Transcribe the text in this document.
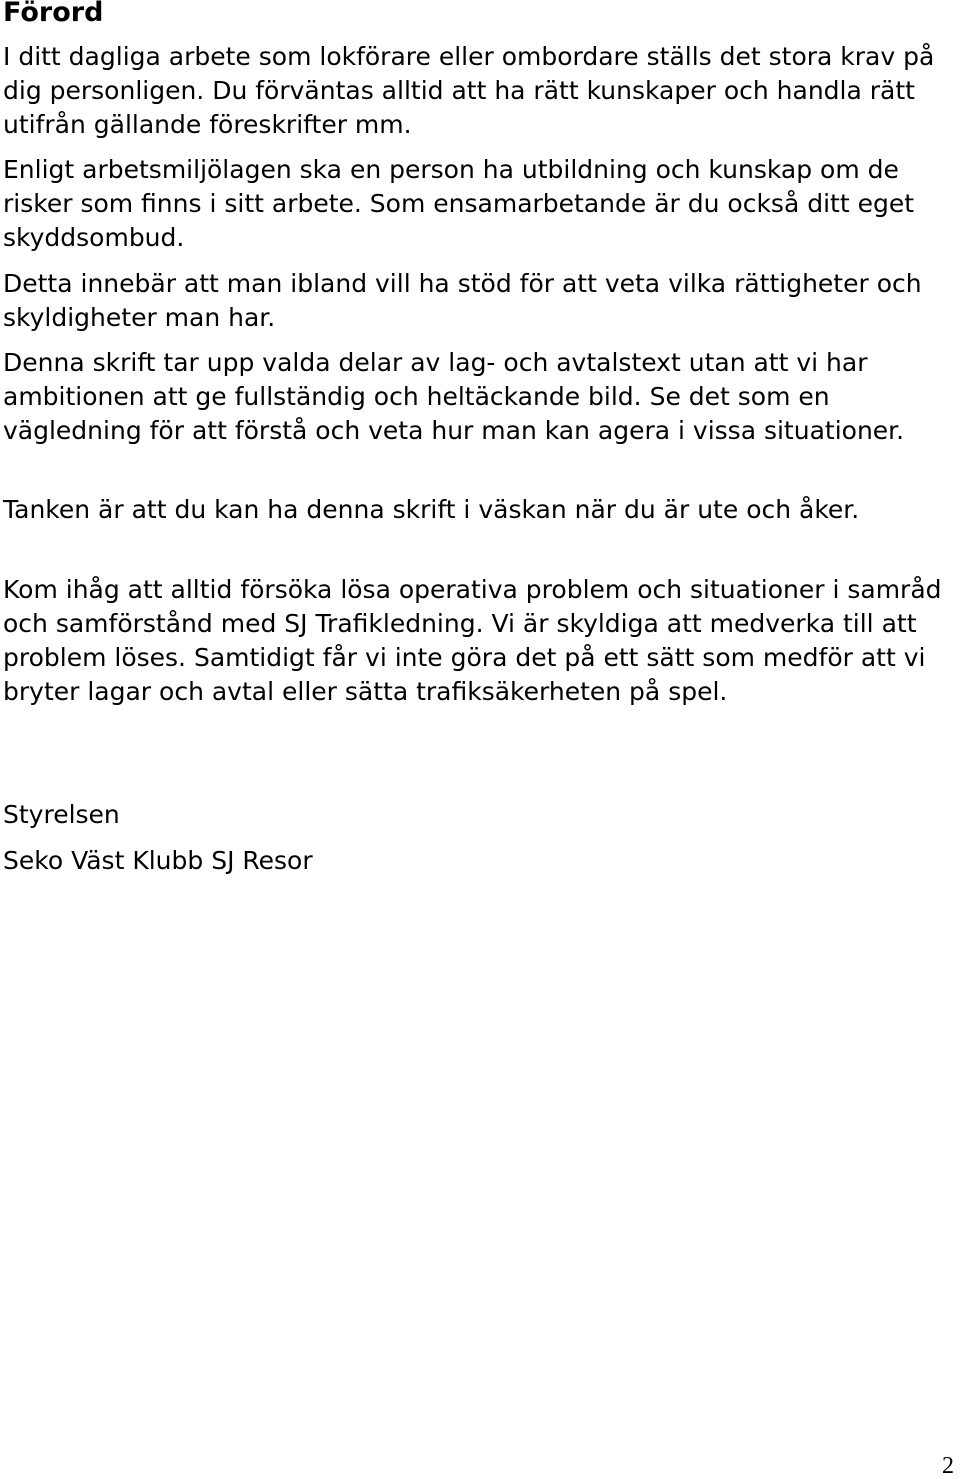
Förord

I ditt dagliga arbete som lokförare eller ombordare ställs det stora krav på dig personligen. Du förväntas alltid att ha rätt kunskaper och handla rätt utifrån gällande föreskrifter mm.

Enligt arbetsmiljölagen ska en person ha utbildning och kunskap om de risker som finns i sitt arbete. Som ensamarbetande är du också ditt eget skyddsombud.

Detta innebär att man ibland vill ha stöd för att veta vilka rättigheter och skyldigheter man har.

Denna skrift tar upp valda delar av lag- och avtalstext utan att vi har ambitionen att ge fullständig och heltäckande bild. Se det som en vägledning för att förstå och veta hur man kan agera i vissa situationer.

Tanken är att du kan ha denna skrift i väskan när du är ute och åker.

Kom ihåg att alltid försöka lösa operativa problem och situationer i samråd och samförstånd med SJ Trafikledning. Vi är skyldiga att medverka till att problem löses. Samtidigt får vi inte göra det på ett sätt som medför att vi bryter lagar och avtal eller sätta trafiksäkerheten på spel.

Styrelsen

Seko Väst Klubb SJ Resor

2
